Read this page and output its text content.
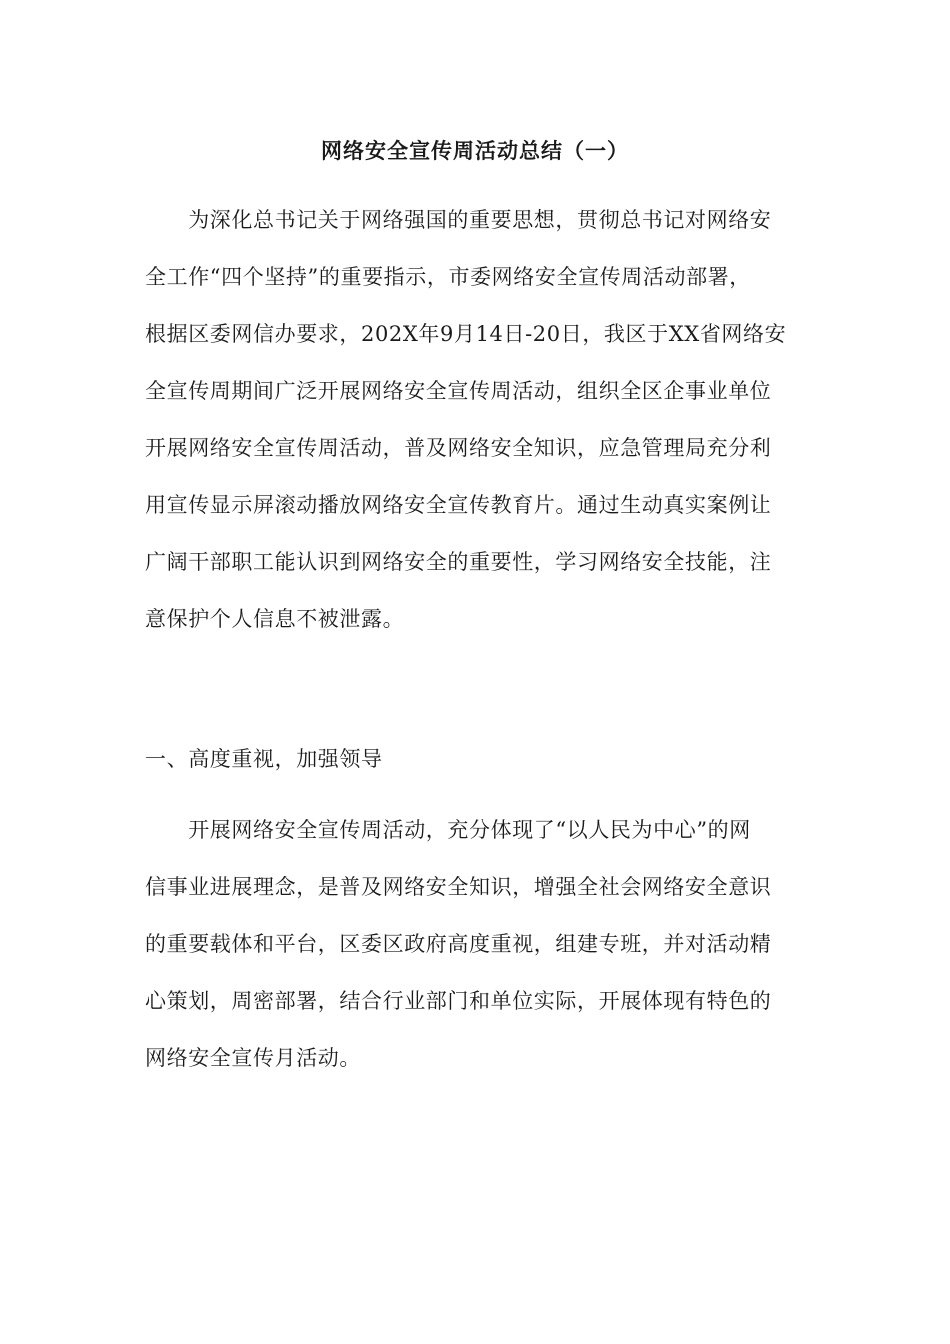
网络安全宣传周活动总结（一）
　　为深化总书记关于网络强国的重要思想，贯彻总书记对网络安
全工作“四个坚持”的重要指示，市委网络安全宣传周活动部署，
根据区委网信办要求，202X年9月14日-20日，我区于XX省网络安
全宣传周期间广泛开展网络安全宣传周活动，组织全区企事业单位
开展网络安全宣传周活动，普及网络安全知识，应急管理局充分利
用宣传显示屏滚动播放网络安全宣传教育片。通过生动真实案例让
广阔干部职工能认识到网络安全的重要性，学习网络安全技能，注
意保护个人信息不被泄露。
一、高度重视，加强领导
　　开展网络安全宣传周活动，充分体现了“以人民为中心”的网
信事业进展理念，是普及网络安全知识，增强全社会网络安全意识
的重要载体和平台，区委区政府高度重视，组建专班，并对活动精
心策划，周密部署，结合行业部门和单位实际，开展体现有特色的
网络安全宣传月活动。
